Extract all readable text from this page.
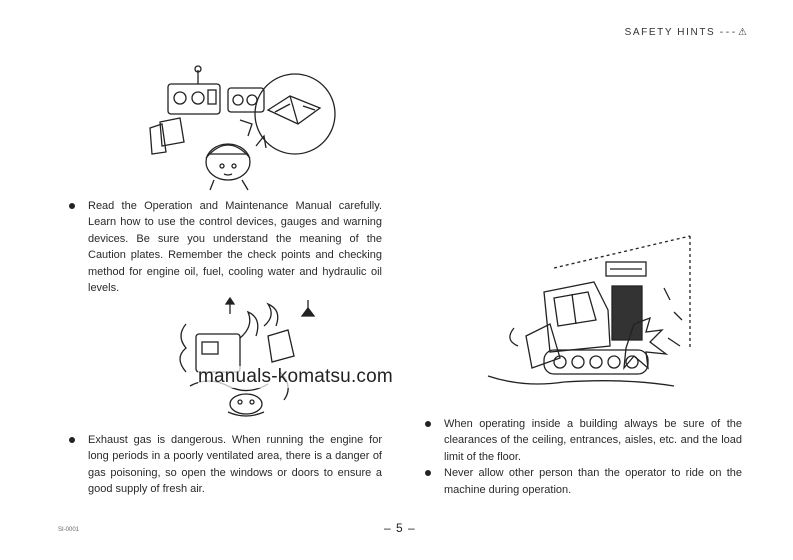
SAFETY HINTS - - - ⚠
Read the Operation and Maintenance Manual carefully. Learn how to use the control devices, gauges and warning devices. Be sure you understand the meaning of the Caution plates. Remember the check points and checking method for engine oil, fuel, cooling water and hydraulic oil levels.
manuals-komatsu.com
Exhaust gas is dangerous. When running the engine for long periods in a poorly ventilated area, there is a danger of gas poisoning, so open the windows or doors to ensure a good supply of fresh air.
When operating inside a building always be sure of the clearances of the ceiling, entrances, aisles, etc. and the load limit of the floor.
Never allow other person than the operator to ride on the machine during operation.
SI-0001	– 5 –
